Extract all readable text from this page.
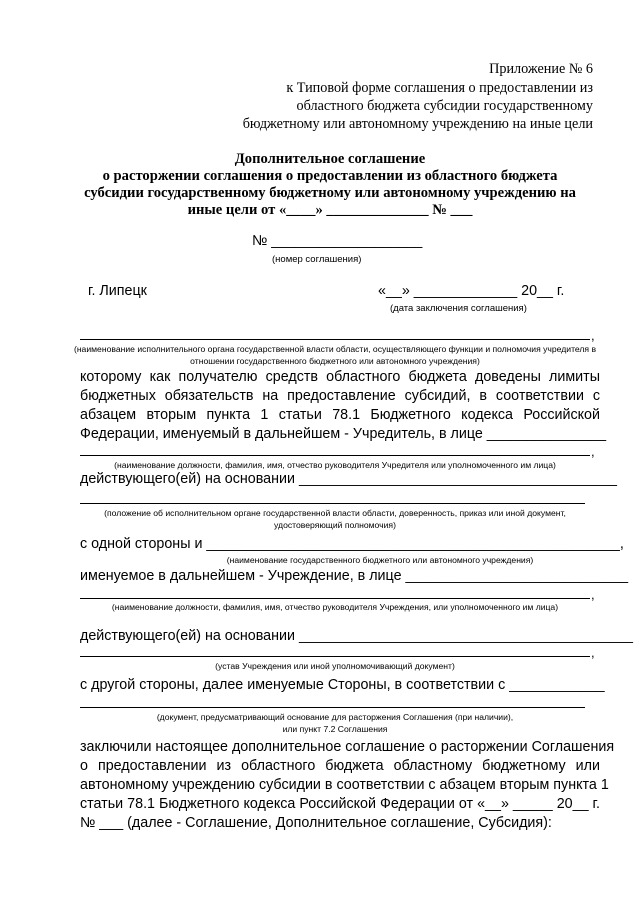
Приложение № 6
к Типовой форме соглашения о предоставлении из
областного бюджета субсидии государственному
бюджетному или автономному учреждению на иные цели
Дополнительное соглашение
о расторжении соглашения о предоставлении из областного бюджета
субсидии государственному бюджетному или автономному учреждению на
иные цели от «____» ______________ № ___
№ ___________________
(номер соглашения)
г. Липецк	«__» _____________ 20__ г.
(дата заключения соглашения)
,
(наименование исполнительного органа государственной власти области, осуществляющего функции и полномочия учредителя в отношении государственного бюджетного или автономного учреждения)
которому как получателю средств областного бюджета доведены лимиты
бюджетных обязательств на предоставление субсидий, в соответствии с
абзацем вторым пункта 1 статьи 78.1 Бюджетного кодекса Российской
Федерации, именуемый в дальнейшем - Учредитель, в лице _______________
,
(наименование должности, фамилия, имя, отчество руководителя Учредителя или уполномоченного им лица)
действующего(ей) на основании ________________________________________
(положение об исполнительном органе государственной власти области, доверенность, приказ или иной документ, удостоверяющий полномочия)
с одной стороны и ____________________________________________________,
(наименование государственного бюджетного или автономного учреждения)
именуемое в дальнейшем - Учреждение, в лице ____________________________
,
(наименование должности, фамилия, имя, отчество руководителя Учреждения, или уполномоченного им лица)
действующего(ей) на основании __________________________________________
,
(устав Учреждения или иной уполномочивающий документ)
с другой стороны, далее именуемые Стороны, в соответствии с ____________
(документ, предусматривающий основание для расторжения Соглашения (при наличии),
или пункт 7.2 Соглашения
заключили настоящее дополнительное соглашение о расторжении Соглашения
о предоставлении из областного бюджета областному бюджетному или
автономному учреждению субсидии в соответствии с абзацем вторым пункта 1
статьи 78.1 Бюджетного кодекса Российской Федерации от «__» _____ 20__ г.
№ ___ (далее - Соглашение, Дополнительное соглашение, Субсидия):
